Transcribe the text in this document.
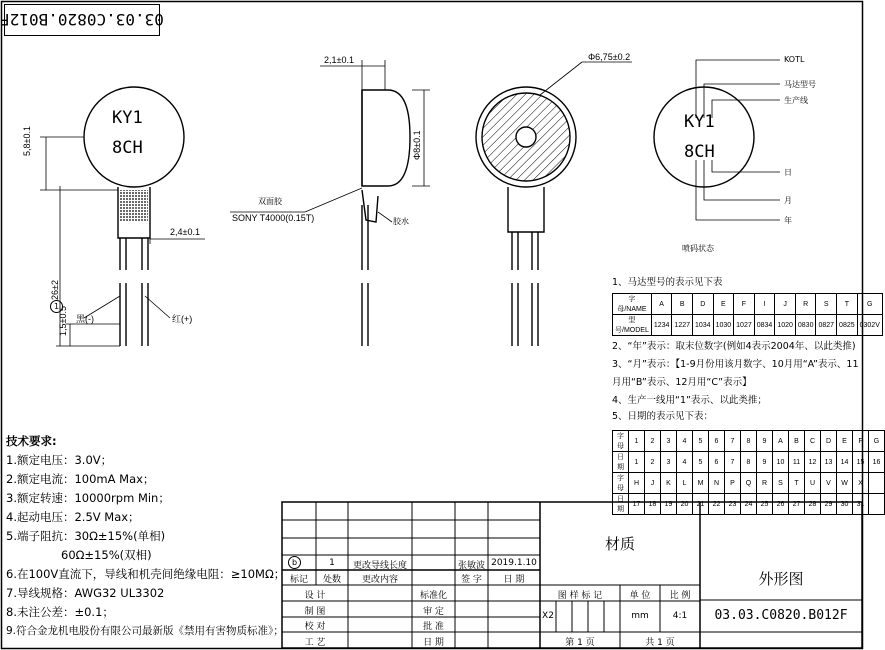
03.03.C0820.B012F
KY1
8CH
5,8±0.1
2,4±0.1
26±2
1
1,5±0.5 黑(-)	红(+)
2,1±0.1
Φ8±0.1
双面胶
SONY T4000(0.15T)	胶水
Φ6,75±0.2
KY1
8CH
KOTL
马达型号
生产线
日
月
年
喷码状态
1、马达型号的表示见下表
字母/NAME	A	B	D	E	F	I	J	R	S	T	G
型号/MODEL	1234	1227	1034	1030	1027	0834	1020	0830	0827	0825	0302V
2、“年”表示：取末位数字(例如4表示2004年、以此类推)
3、“月”表示：【1-9月份用该月数字、10月用“A”表示、11
月用“B”表示、12月用“C”表示】
4、生产一线用“1”表示、以此类推；
5、日期的表示见下表：
字母	1	2	3	4	5	6	7	8	9	A	B	C	D	E	F	G
日期	1	2	3	4	5	6	7	8	9	10	11	12	13	14	15	16
字母	H	J	K	L	M	N	P	Q	R	S	T	U	V	W	X	
日期	17	18	19	20	21	22	23	24	25	26	27	28	29	30	31	
技术要求:
1.额定电压：3.0V；
2.额定电流：100mA Max；
3.额定转速：10000rpm Min；
4.起动电压：2.5V Max；
5.端子阻抗：30Ω±15%(单相)
60Ω±15%(双相)
6.在100V直流下，导线和机壳间绝缘电阻：≥10MΩ；
7.导线规格：AWG32 UL3302
8.未注公差：±0.1；
9.符合金龙机电股份有限公司最新版《禁用有害物质标准》；
b	1	更改导线长度	张敏波 2019.1.10
标记	处数	更改内容	签 字	日 期
设 计
制 图
校 对
工 艺
标准化
审 定
批 准
日 期
材质
图 样 标 记	单 位	比 例
X2	mm	4:1
第 1 页	共 1 页
外形图
03.03.C0820.B012F
